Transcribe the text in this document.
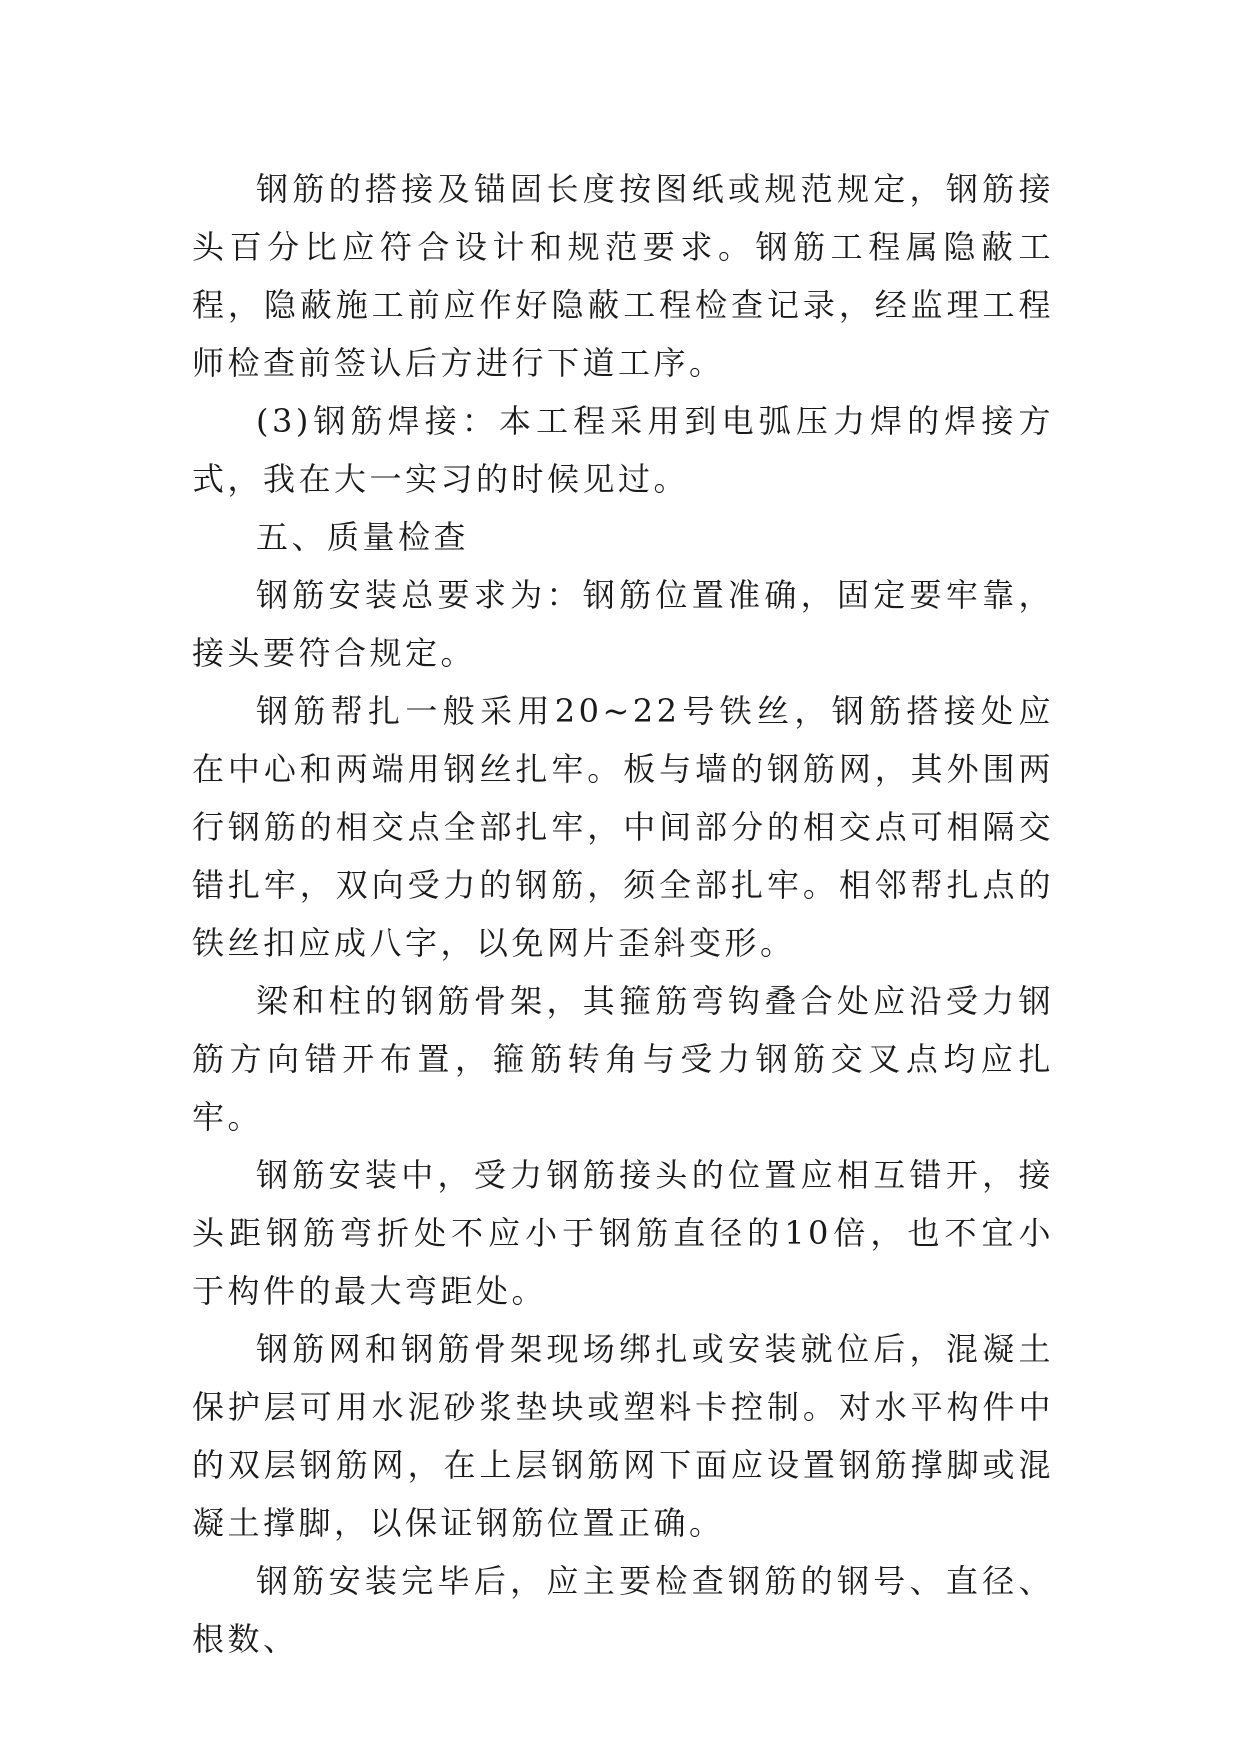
钢筋的搭接及锚固长度按图纸或规范规定，钢筋接头百分比应符合设计和规范要求。钢筋工程属隐蔽工程，隐蔽施工前应作好隐蔽工程检查记录，经监理工程师检查前签认后方进行下道工序。

(3)钢筋焊接：本工程采用到电弧压力焊的焊接方式，我在大一实习的时候见过。

五、质量检查

钢筋安装总要求为：钢筋位置准确，固定要牢靠，接头要符合规定。

钢筋帮扎一般采用20~22号铁丝，钢筋搭接处应在中心和两端用钢丝扎牢。板与墙的钢筋网，其外围两行钢筋的相交点全部扎牢，中间部分的相交点可相隔交错扎牢，双向受力的钢筋，须全部扎牢。相邻帮扎点的铁丝扣应成八字，以免网片歪斜变形。

梁和柱的钢筋骨架，其箍筋弯钩叠合处应沿受力钢筋方向错开布置，箍筋转角与受力钢筋交叉点均应扎牢。

钢筋安装中，受力钢筋接头的位置应相互错开，接头距钢筋弯折处不应小于钢筋直径的10倍，也不宜小于构件的最大弯距处。

钢筋网和钢筋骨架现场绑扎或安装就位后，混凝土保护层可用水泥砂浆垫块或塑料卡控制。对水平构件中的双层钢筋网，在上层钢筋网下面应设置钢筋撑脚或混凝土撑脚，以保证钢筋位置正确。

钢筋安装完毕后，应主要检查钢筋的钢号、直径、根数、
